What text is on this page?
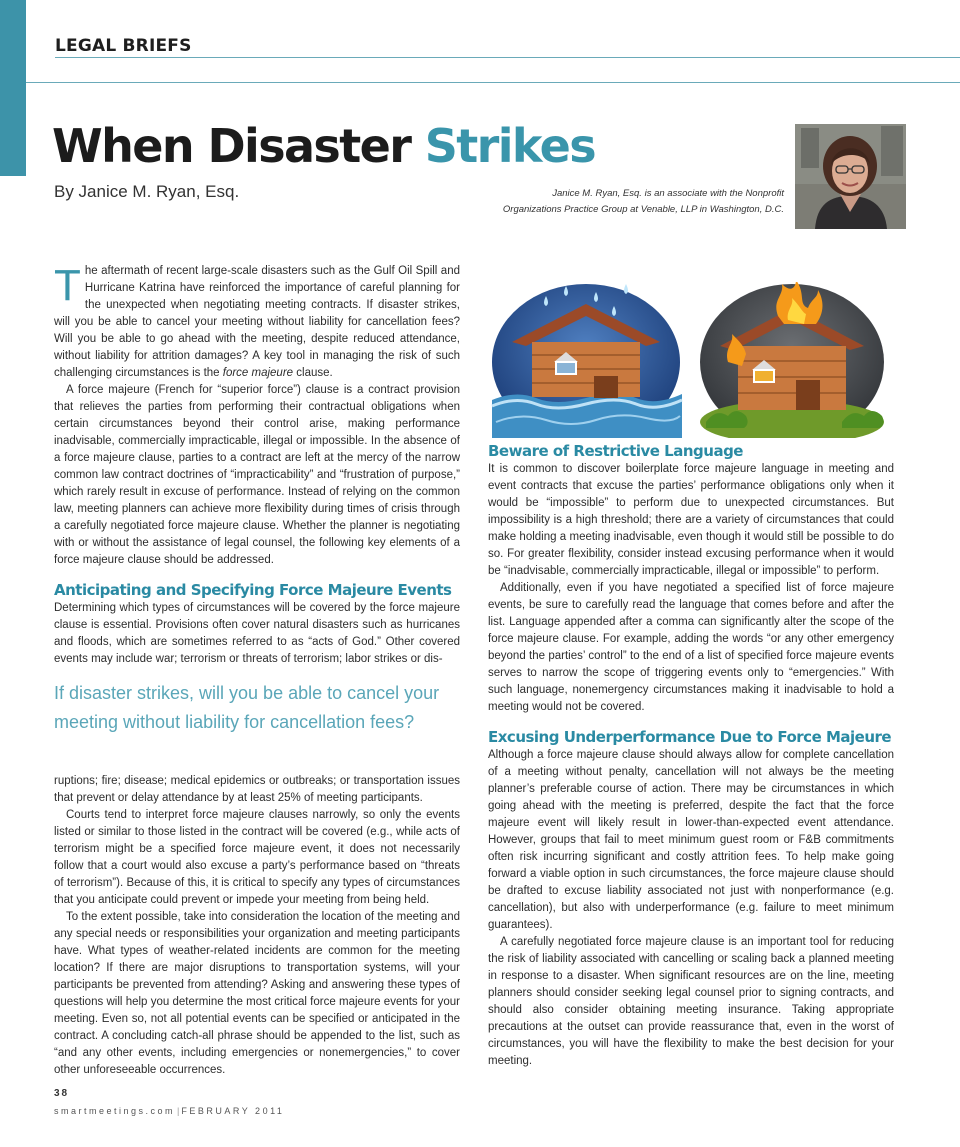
LEGAL BRIEFS
When Disaster Strikes
By Janice M. Ryan, Esq.	Janice M. Ryan, Esq. is an associate with the Nonprofit Organizations Practice Group at Venable, LLP in Washington, D.C.

The aftermath of recent large-scale disasters such as the Gulf Oil Spill and Hurricane Katrina have reinforced the importance of careful planning for the unexpected when negotiating meeting contracts. If disaster strikes, will you be able to cancel your meeting without liability for cancellation fees? Will you be able to go ahead with the meeting, despite reduced attendance, without liability for attrition damages? A key tool in managing the risk of such challenging circumstances is the force majeure clause.

A force majeure (French for “superior force”) clause is a contract provision that relieves the parties from performing their contractual obligations when certain circumstances beyond their control arise, making performance inadvisable, commercially impracticable, illegal or impossible. In the absence of a force majeure clause, parties to a contract are left at the mercy of the narrow common law contract doctrines of “impracticability” and “frustration of purpose,” which rarely result in excuse of performance. Instead of relying on the common law, meeting planners can achieve more flexibility during times of crisis through a carefully negotiated force majeure clause. Whether the planner is negotiating with or without the assistance of legal counsel, the following key elements of a force majeure clause should be addressed.

Anticipating and Specifying Force Majeure Events

Determining which types of circumstances will be covered by the force majeure clause is essential. Provisions often cover natural disasters such as hurricanes and floods, which are sometimes referred to as “acts of God.” Other covered events may include war; terrorism or threats of terrorism; labor strikes or dis-

If disaster strikes, will you be able to cancel your meeting without liability for cancellation fees?

ruptions; fire; disease; medical epidemics or outbreaks; or transportation issues that prevent or delay attendance by at least 25% of meeting participants.

Courts tend to interpret force majeure clauses narrowly, so only the events listed or similar to those listed in the contract will be covered (e.g., while acts of terrorism might be a specified force majeure event, it does not necessarily follow that a court would also excuse a party’s performance based on “threats of terrorism”). Because of this, it is critical to specify any types of circumstances that you anticipate could prevent or impede your meeting from being held.

To the extent possible, take into consideration the location of the meeting and any special needs or responsibilities your organization and meeting participants have. What types of weather-related incidents are common for the meeting location? If there are major disruptions to transportation systems, will your participants be prevented from attending? Asking and answering these types of questions will help you determine the most critical force majeure events for your meeting. Even so, not all potential events can be specified or anticipated in the contract. A concluding catch-all phrase should be appended to the list, such as “and any other events, including emergencies or nonemergencies,” to cover other unforeseeable occurrences.

Beware of Restrictive Language

It is common to discover boilerplate force majeure language in meeting and event contracts that excuse the parties’ performance obligations only when it would be “impossible” to perform due to unexpected circumstances. But impossibility is a high threshold; there are a variety of circumstances that could make holding a meeting inadvisable, even though it would still be possible to do so. For greater flexibility, consider instead excusing performance when it would be “inadvisable, commercially impracticable, illegal or impossible” to perform.

Additionally, even if you have negotiated a specified list of force majeure events, be sure to carefully read the language that comes before and after the list. Language appended after a comma can significantly alter the scope of the force majeure clause. For example, adding the words “or any other emergency beyond the parties’ control” to the end of a list of specified force majeure events serves to narrow the scope of triggering events only to “emergencies.” With such language, nonemergency circumstances making it inadvisable to hold a meeting would not be covered.

Excusing Underperformance Due to Force Majeure

Although a force majeure clause should always allow for complete cancellation of a meeting without penalty, cancellation will not always be the meeting planner’s preferable course of action. There may be circumstances in which going ahead with the meeting is preferred, despite the fact that the force majeure event will likely result in lower-than-expected event attendance. However, groups that fail to meet minimum guest room or F&B commitments often risk incurring significant and costly attrition fees. To help make going forward a viable option in such circumstances, the force majeure clause should be drafted to excuse liability associated not just with nonperformance (e.g. cancellation), but also with underperformance (e.g. failure to meet minimum guarantees).

A carefully negotiated force majeure clause is an important tool for reducing the risk of liability associated with cancelling or scaling back a planned meeting in response to a disaster. When significant resources are on the line, meeting planners should consider seeking legal counsel prior to signing contracts, and should also consider obtaining meeting insurance. Taking appropriate precautions at the outset can provide reassurance that, even in the worst of circumstances, you will have the flexibility to make the best decision for your meeting.

38
smartmeetings.com | FEBRUARY 2011
